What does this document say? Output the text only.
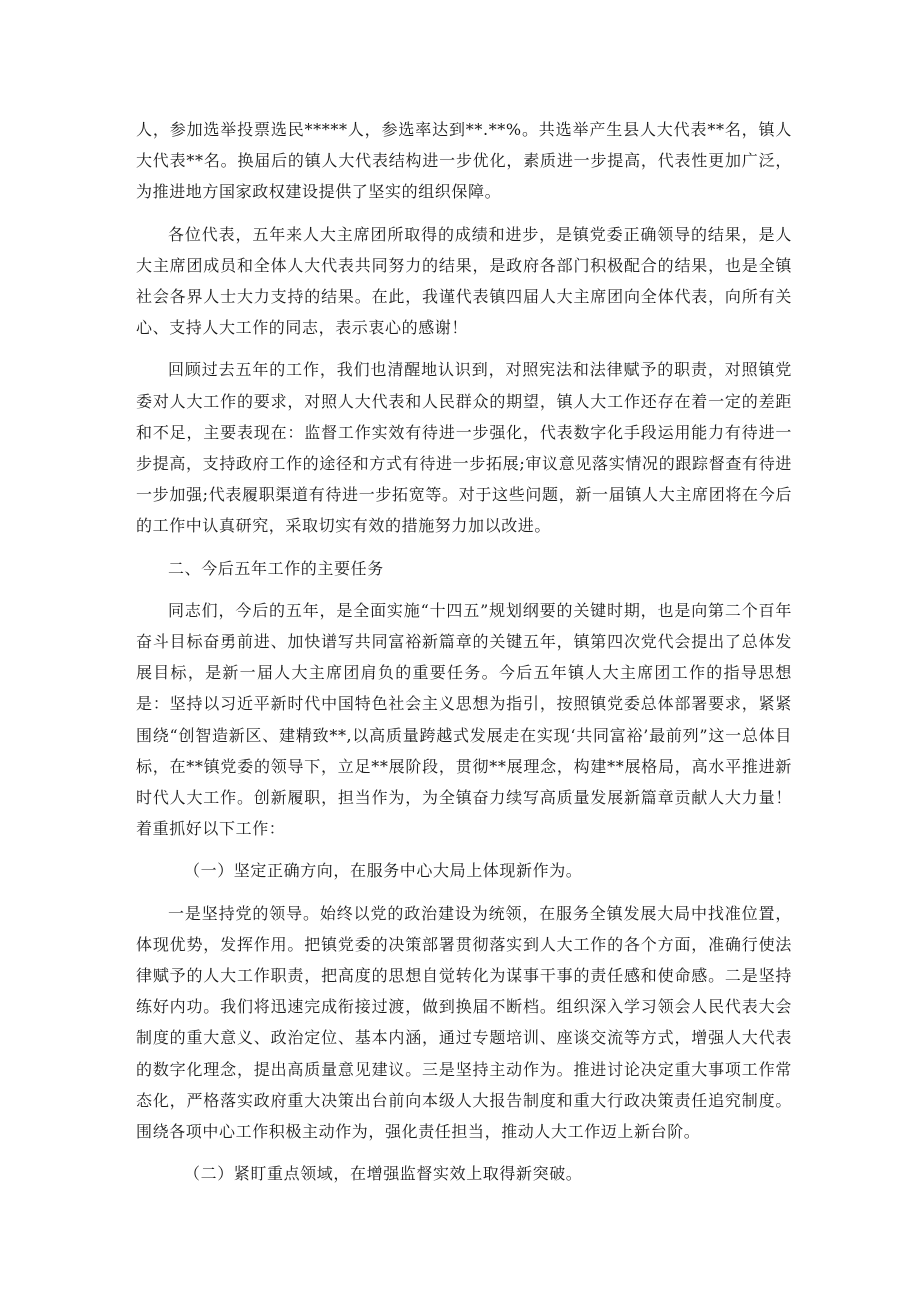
人，参加选举投票选民*****人，参选率达到**.**%。共选举产生县人大代表**名，镇人大代表**名。换届后的镇人大代表结构进一步优化，素质进一步提高，代表性更加广泛，为推进地方国家政权建设提供了坚实的组织保障。

各位代表，五年来人大主席团所取得的成绩和进步，是镇党委正确领导的结果，是人大主席团成员和全体人大代表共同努力的结果，是政府各部门积极配合的结果，也是全镇社会各界人士大力支持的结果。在此，我谨代表镇四届人大主席团向全体代表，向所有关心、支持人大工作的同志，表示衷心的感谢！

回顾过去五年的工作，我们也清醒地认识到，对照宪法和法律赋予的职责，对照镇党委对人大工作的要求，对照人大代表和人民群众的期望，镇人大工作还存在着一定的差距和不足，主要表现在：监督工作实效有待进一步强化，代表数字化手段运用能力有待进一步提高，支持政府工作的途径和方式有待进一步拓展;审议意见落实情况的跟踪督查有待进一步加强;代表履职渠道有待进一步拓宽等。对于这些问题，新一届镇人大主席团将在今后的工作中认真研究，采取切实有效的措施努力加以改进。

二、今后五年工作的主要任务

同志们，今后的五年，是全面实施“十四五”规划纲要的关键时期，也是向第二个百年奋斗目标奋勇前进、加快谱写共同富裕新篇章的关键五年，镇第四次党代会提出了总体发展目标，是新一届人大主席团肩负的重要任务。今后五年镇人大主席团工作的指导思想是：坚持以习近平新时代中国特色社会主义思想为指引，按照镇党委总体部署要求，紧紧围绕“创智造新区、建精致**,以高质量跨越式发展走在实现‘共同富裕’最前列”这一总体目标，在**镇党委的领导下，立足**展阶段，贯彻**展理念，构建**展格局，高水平推进新时代人大工作。创新履职，担当作为，为全镇奋力续写高质量发展新篇章贡献人大力量！着重抓好以下工作：

（一）坚定正确方向，在服务中心大局上体现新作为。

一是坚持党的领导。始终以党的政治建设为统领，在服务全镇发展大局中找准位置，体现优势，发挥作用。把镇党委的决策部署贯彻落实到人大工作的各个方面，准确行使法律赋予的人大工作职责，把高度的思想自觉转化为谋事干事的责任感和使命感。二是坚持练好内功。我们将迅速完成衔接过渡，做到换届不断档。组织深入学习领会人民代表大会制度的重大意义、政治定位、基本内涵，通过专题培训、座谈交流等方式，增强人大代表的数字化理念，提出高质量意见建议。三是坚持主动作为。推进讨论决定重大事项工作常态化，严格落实政府重大决策出台前向本级人大报告制度和重大行政决策责任追究制度。围绕各项中心工作积极主动作为，强化责任担当，推动人大工作迈上新台阶。

（二）紧盯重点领域，在增强监督实效上取得新突破。
